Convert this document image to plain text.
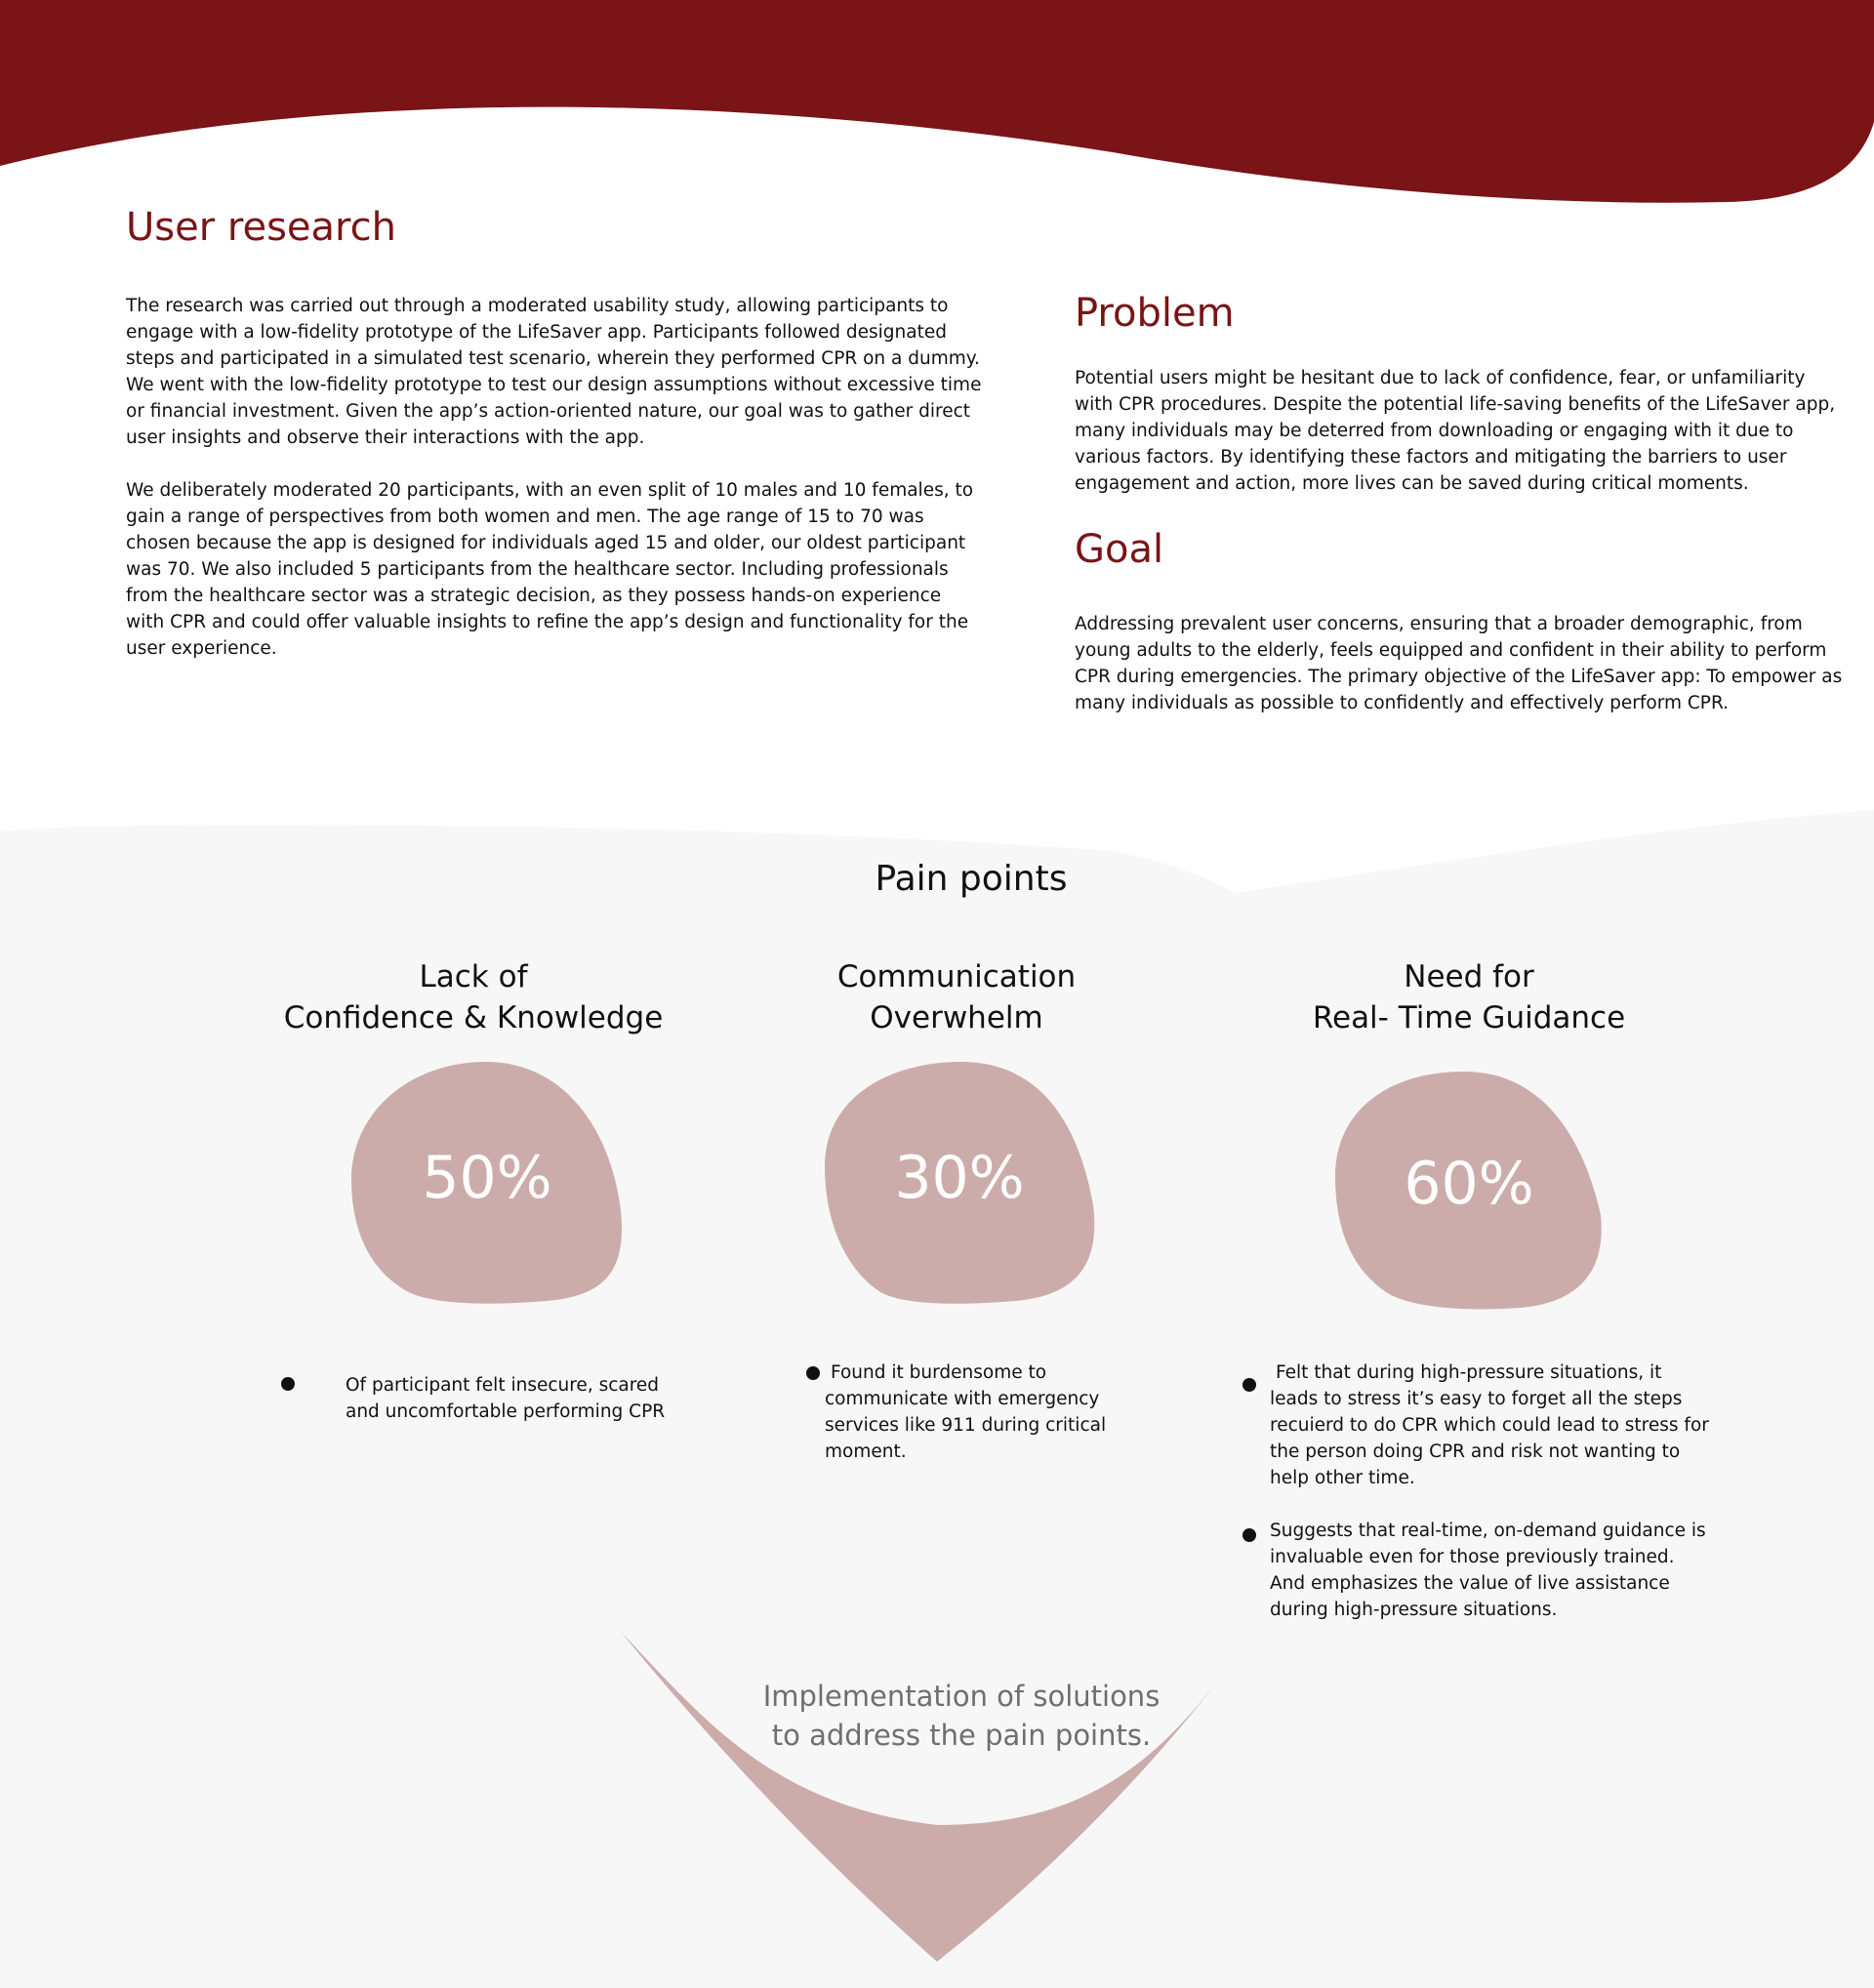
User research

The research was carried out through a moderated usability study, allowing participants to engage with a low-fidelity prototype of the LifeSaver app. Participants followed designated steps and participated in a simulated test scenario, wherein they performed CPR on a dummy. We went with the low-fidelity prototype to test our design assumptions without excessive time or financial investment. Given the app’s action-oriented nature, our goal was to gather direct user insights and observe their interactions with the app.

We deliberately moderated 20 participants, with an even split of 10 males and 10 females, to gain a range of perspectives from both women and men. The age range of 15 to 70 was chosen because the app is designed for individuals aged 15 and older, our oldest participant was 70. We also included 5 participants from the healthcare sector. Including professionals from the healthcare sector was a strategic decision, as they possess hands-on experience with CPR and could offer valuable insights to refine the app’s design and functionality for the user experience.

Problem

Potential users might be hesitant due to lack of confidence, fear, or unfamiliarity with CPR procedures. Despite the potential life-saving benefits of the LifeSaver app, many individuals may be deterred from downloading or engaging with it due to various factors. By identifying these factors and mitigating the barriers to user engagement and action, more lives can be saved during critical moments.

Goal

Addressing prevalent user concerns, ensuring that a broader demographic, from young adults to the elderly, feels equipped and confident in their ability to perform CPR during emergencies. The primary objective of the LifeSaver app: To empower as many individuals as possible to confidently and effectively perform CPR.

Pain points
Lack of
Confidence & Knowledge
Communication
Overwhelm
Need for
Real- Time Guidance
50%	30%	60%

Of participant felt insecure, scared and uncomfortable performing CPR

Found it burdensome to communicate with emergency services like 911 during critical moment.

Felt that during high-pressure situations, it leads to stress it’s easy to forget all the steps recuierd to do CPR which could lead to stress for the person doing CPR and risk not wanting to help other time.

Suggests that real-time, on-demand guidance is invaluable even for those previously trained. And emphasizes the value of live assistance during high-pressure situations.

Implementation of solutions
to address the pain points.
